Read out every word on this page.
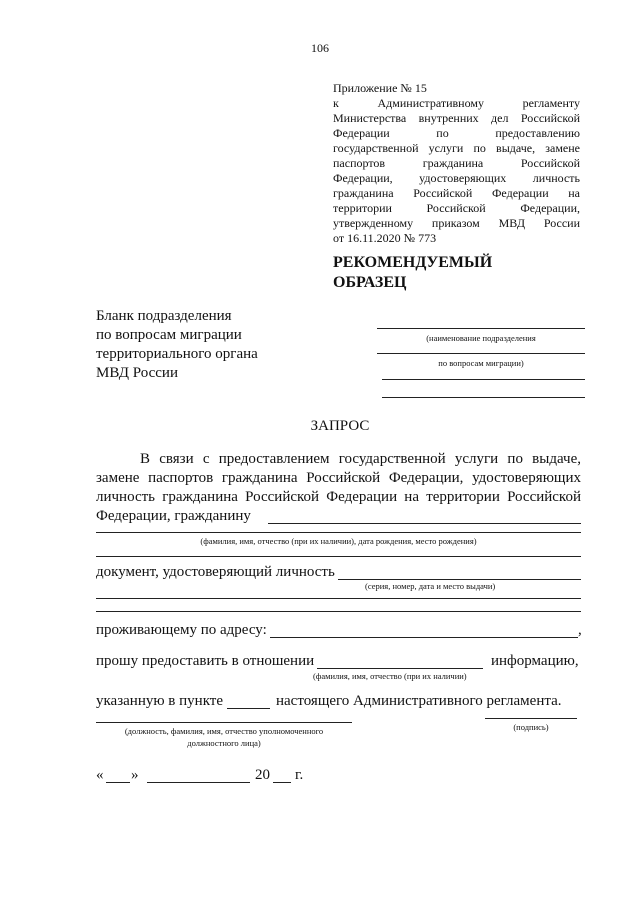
106
Приложение № 15
к Административному регламенту
Министерства внутренних дел Российской
Федерации по предоставлению
государственной услуги по выдаче, замене
паспортов гражданина Российской
Федерации, удостоверяющих личность
гражданина Российской Федерации на
территории Российской Федерации,
утвержденному приказом МВД России
от 16.11.2020 № 773
РЕКОМЕНДУЕМЫЙ
ОБРАЗЕЦ
Бланк подразделения
по вопросам миграции
территориального органа
МВД России
(наименование подразделения
по вопросам миграции)
ЗАПРОС
В связи с предоставлением государственной услуги по выдаче,
замене паспортов гражданина Российской Федерации, удостоверяющих
личность гражданина Российской Федерации на территории Российской
Федерации, гражданину
(фамилия, имя, отчество (при их наличии), дата рождения, место рождения)
документ, удостоверяющий личность
(серия, номер, дата и место выдачи)
проживающему по адресу:	,
прошу предоставить в отношении	информацию,
(фамилия, имя, отчество (при их наличии)
указанную в пункте	настоящего Административного регламента.
(должность, фамилия, имя, отчество уполномоченного
должностного лица)
(подпись)
« »	20 г.
